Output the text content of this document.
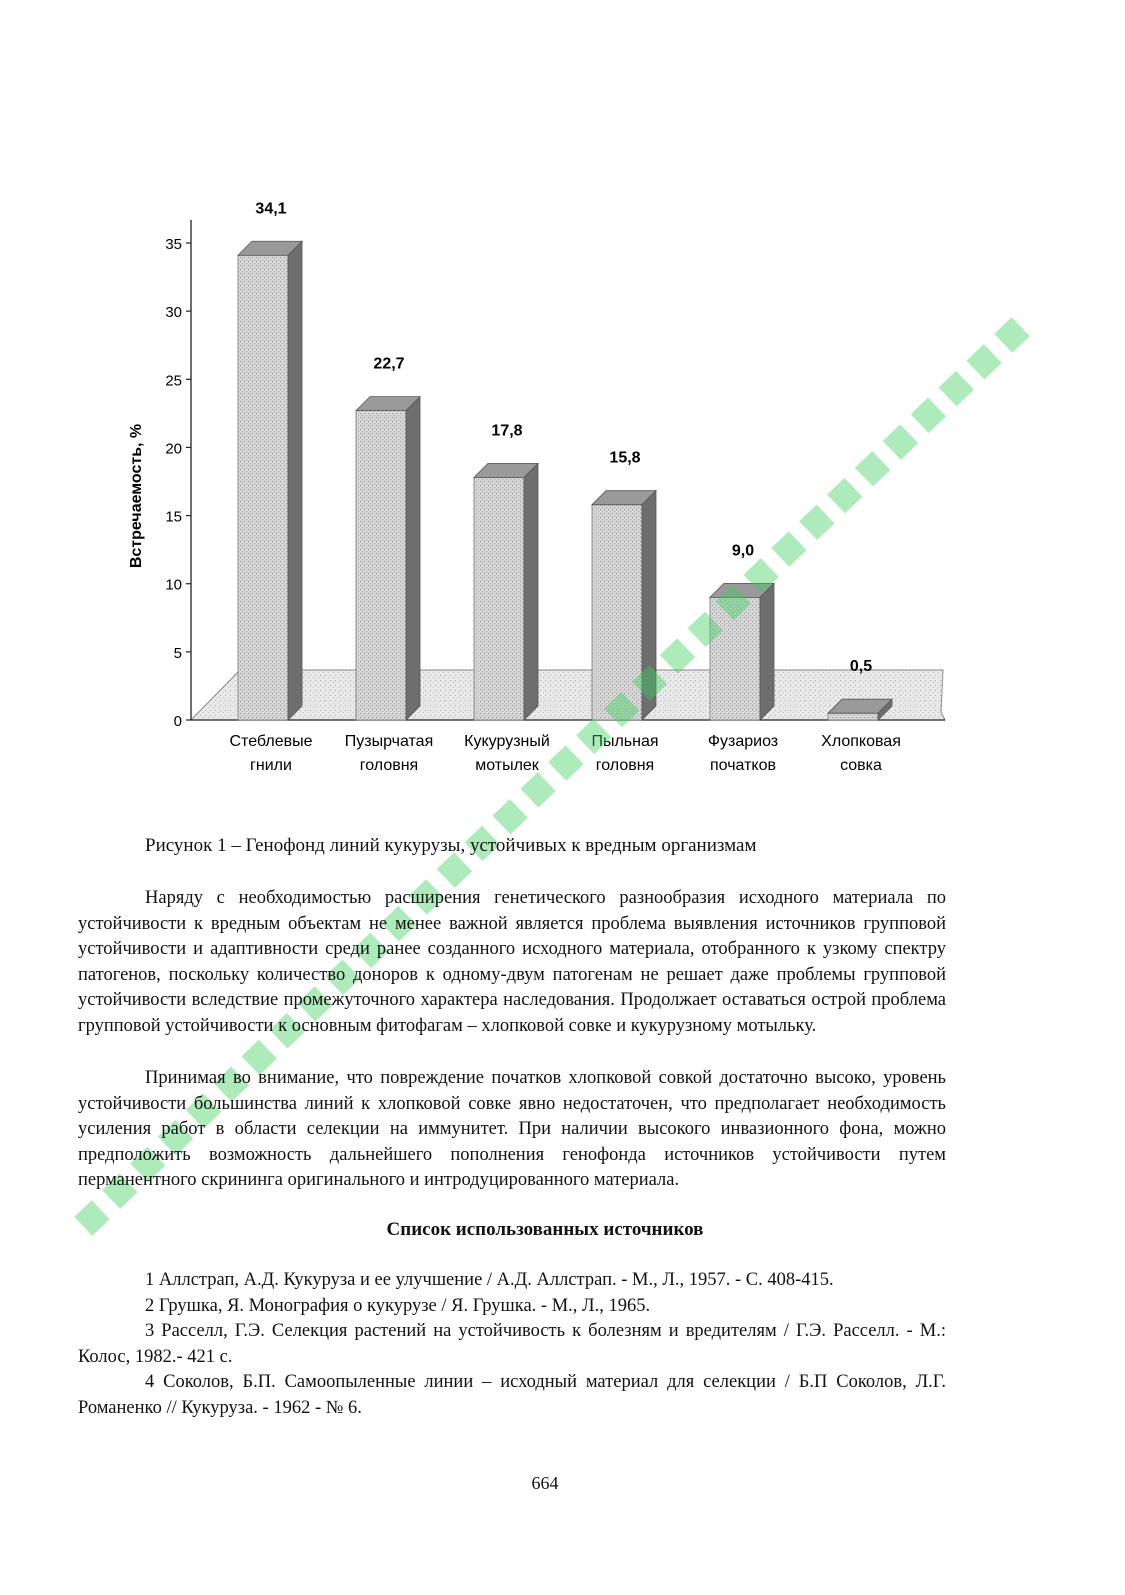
0
5
10
15
20
25
30
35
34,1
Стеблевые
гнили
22,7
Пузырчатая
головня
17,8
Кукурузный
мотылек
15,8
Пыльная
головня
9,0
Фузариоз
початков
0,5
Хлопковая
совка
Встречаемость, %
Рисунок 1 – Генофонд линий кукурузы, устойчивых к вредным организмам

Наряду с необходимостью расширения генетического разнообразия исходного материала по устойчивости к вредным объектам не менее важной является проблема выявления источников групповой устойчивости и адаптивности среди ранее созданного исходного материала, отобранного к узкому спектру патогенов, поскольку количество доноров к одному-двум патогенам не решает даже проблемы групповой устойчивости вследствие промежуточного характера наследования. Продолжает оставаться острой проблема групповой устойчивости к основным фитофагам – хлопковой совке и кукурузному мотыльку.

Принимая во внимание, что повреждение початков хлопковой совкой достаточно высоко, уровень устойчивости большинства линий к хлопковой совке явно недостаточен, что предполагает необходимость усиления работ в области селекции на иммунитет. При наличии высокого инвазионного фона, можно предположить возможность дальнейшего пополнения генофонда источников устойчивости путем перманентного скрининга оригинального и интродуцированного материала.

Список использованных источников
1 Аллстрап, А.Д. Кукуруза и ее улучшение / А.Д. Аллстрап. - М., Л., 1957. - С. 408-415.
2 Грушка, Я. Монография о кукурузе / Я. Грушка. - М., Л., 1965.
3 Расселл, Г.Э. Селекция растений на устойчивость к болезням и вредителям / Г.Э. Расселл. - М.: Колос, 1982.- 421 с.
4 Соколов, Б.П. Самоопыленные линии – исходный материал для селекции / Б.П Соколов, Л.Г. Романенко // Кукуруза. - 1962 - № 6.
664
